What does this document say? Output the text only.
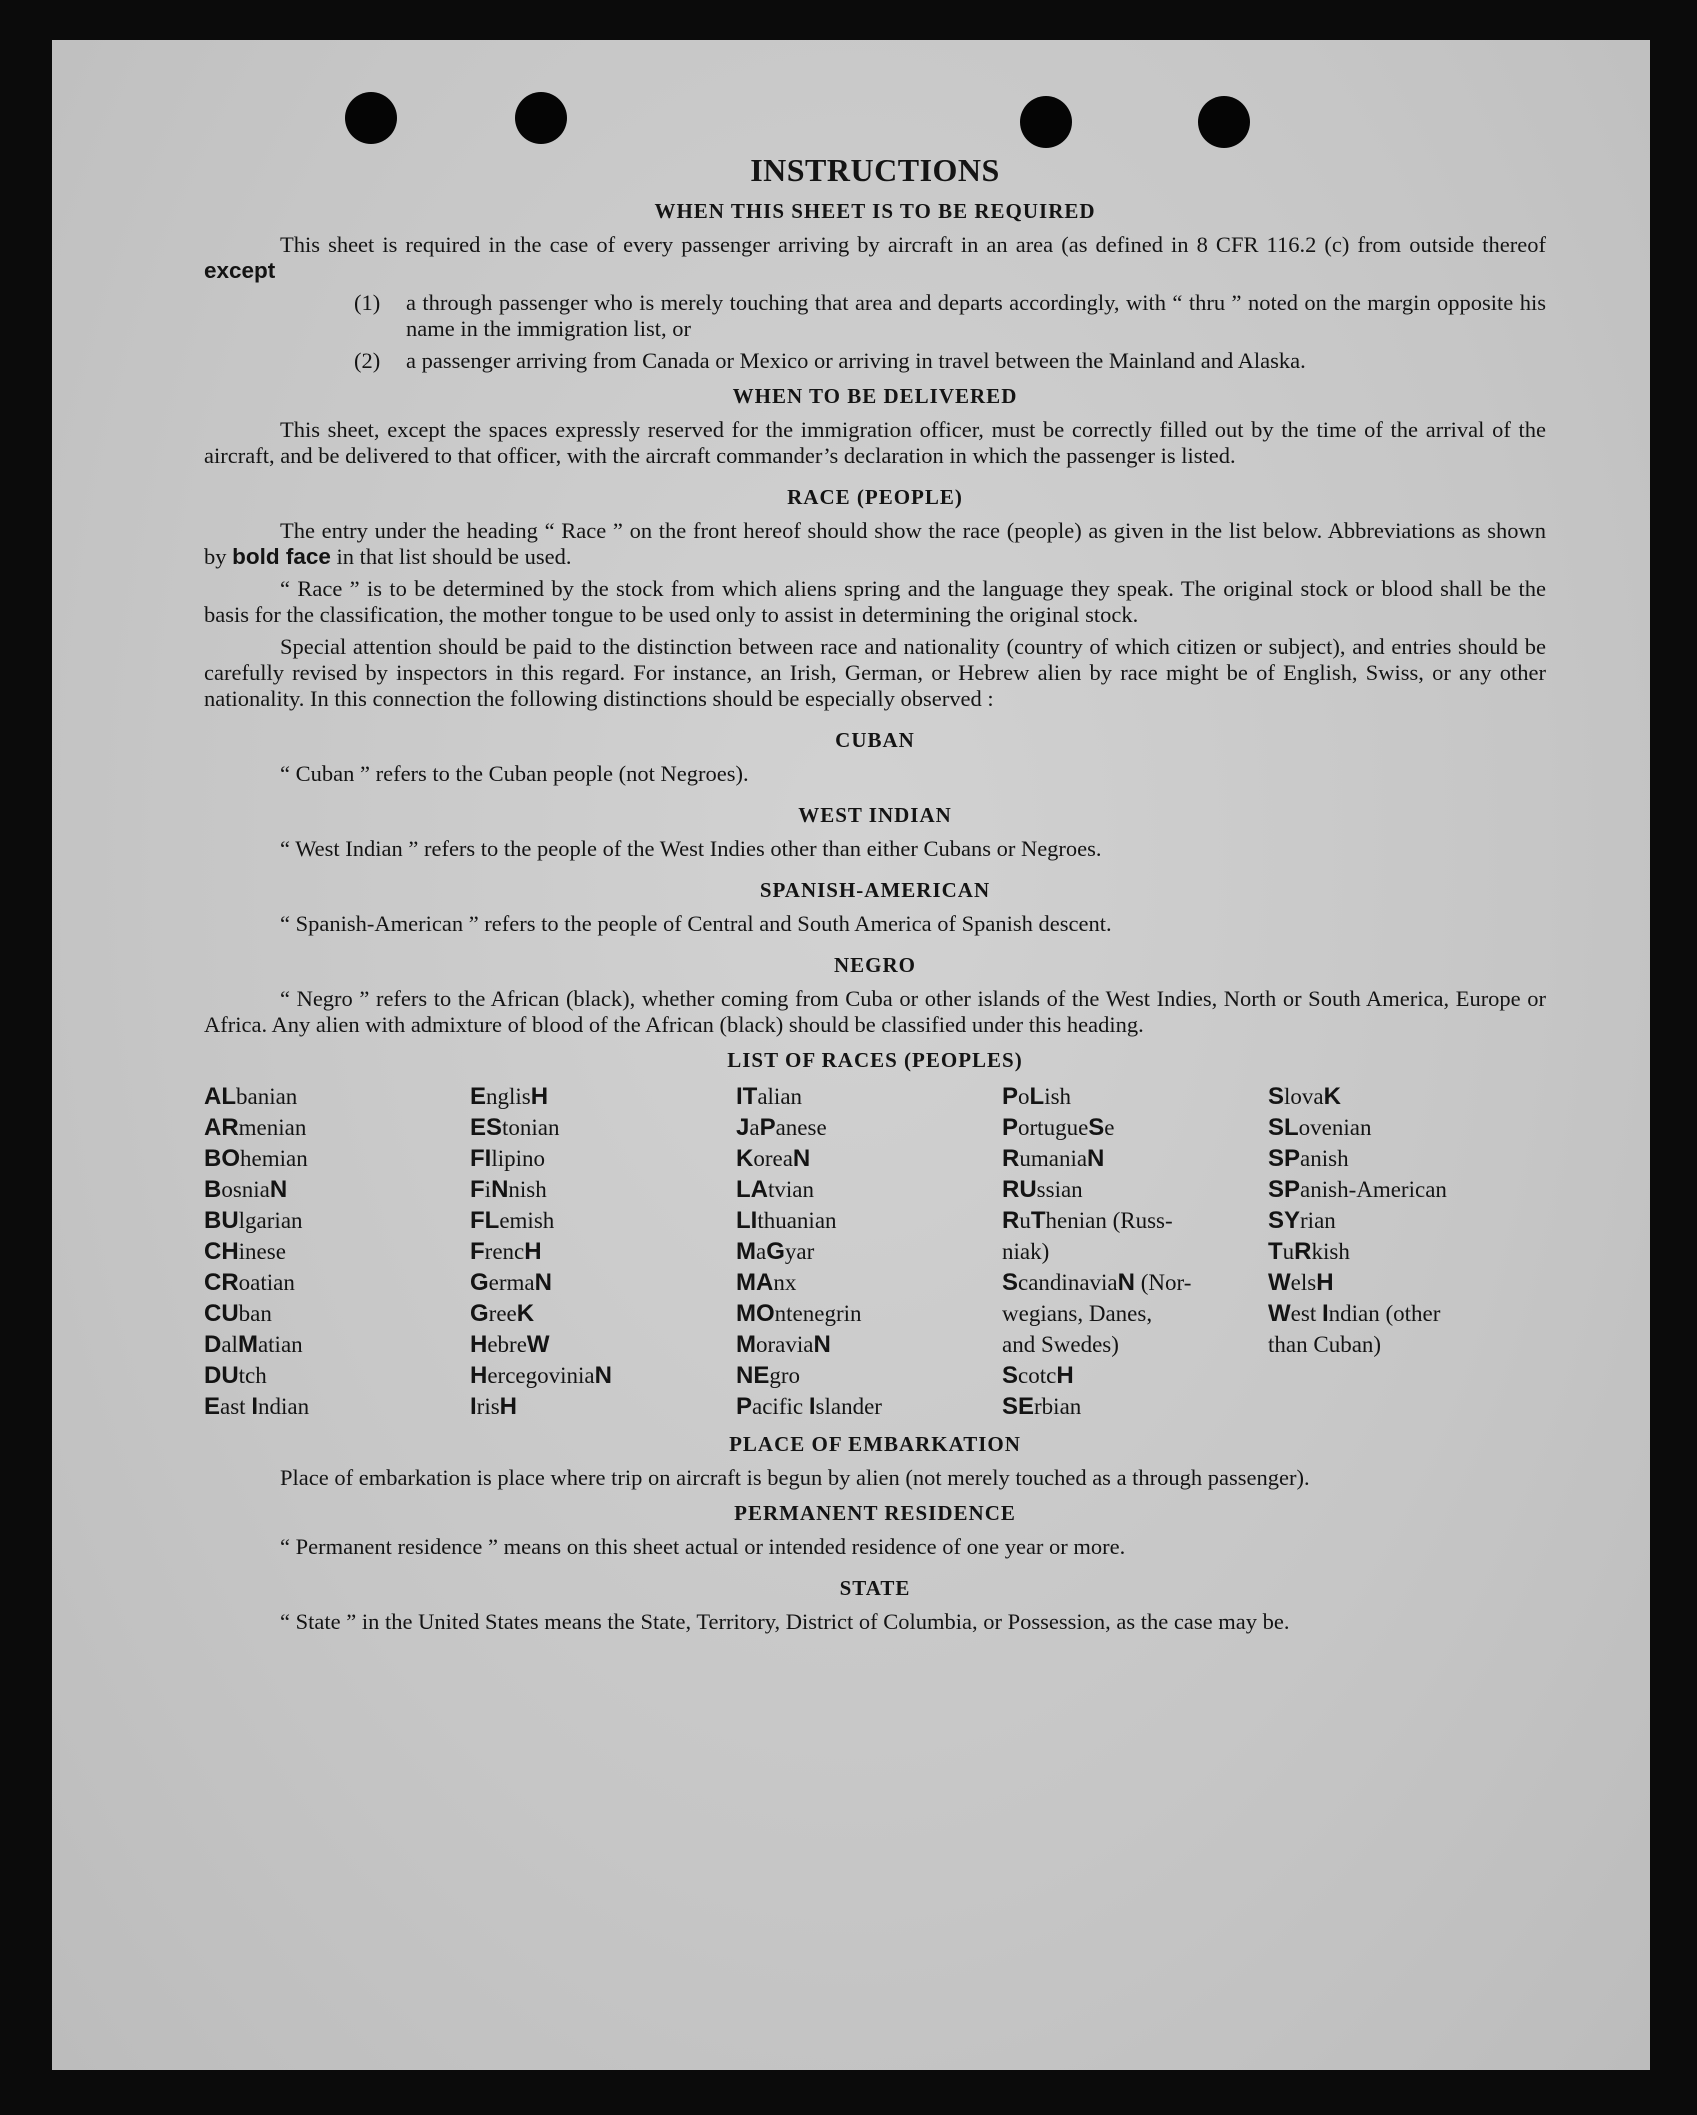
INSTRUCTIONS
WHEN THIS SHEET IS TO BE REQUIRED

This sheet is required in the case of every passenger arriving by aircraft in an area (as defined in 8 CFR 116.2 (c) from outside thereof except

(1)	a through passenger who is merely touching that area and departs accordingly, with “ thru ” noted on the margin opposite his name in the immigration list, or
(2)	a passenger arriving from Canada or Mexico or arriving in travel between the Mainland and Alaska.
WHEN TO BE DELIVERED

This sheet, except the spaces expressly reserved for the immigration officer, must be correctly filled out by the time of the arrival of the aircraft, and be delivered to that officer, with the aircraft commander’s declaration in which the passenger is listed.

RACE (PEOPLE)

The entry under the heading “ Race ” on the front hereof should show the race (people) as given in the list below. Abbreviations as shown by bold face in that list should be used.

“ Race ” is to be determined by the stock from which aliens spring and the language they speak. The original stock or blood shall be the basis for the classification, the mother tongue to be used only to assist in determining the original stock.

Special attention should be paid to the distinction between race and nationality (country of which citizen or subject), and entries should be carefully revised by inspectors in this regard. For instance, an Irish, German, or Hebrew alien by race might be of English, Swiss, or any other nationality. In this connection the following distinctions should be especially observed :

CUBAN

“ Cuban ” refers to the Cuban people (not Negroes).

WEST INDIAN

“ West Indian ” refers to the people of the West Indies other than either Cubans or Negroes.

SPANISH-AMERICAN

“ Spanish-American ” refers to the people of Central and South America of Spanish descent.

NEGRO

“ Negro ” refers to the African (black), whether coming from Cuba or other islands of the West Indies, North or South America, Europe or Africa. Any alien with admixture of blood of the African (black) should be classified under this heading.

LIST OF RACES (PEOPLES)
ALbanian
ARmenian
BOhemian
BosniaN
BUlgarian
CHinese
CRoatian
CUban
DalMatian
DUtch
East Indian
EnglisH
EStonian
FIlipino
FiNnish
FLemish
FrencH
GermaN
GreeK
HebreW
HercegoviniaN
IrisH
ITalian
JaPanese
KoreaN
LAtvian
LIthuanian
MaGyar
MAnx
MOntenegrin
MoraviaN
NEgro
Pacific Islander
PoLish
PortugueSe
RumaniaN
RUssian
RuThenian (Russ-
niak)
ScandinaviaN (Nor-
wegians, Danes,
and Swedes)
ScotcH
SErbian
SlovaK
SLovenian
SPanish
SPanish-American
SYrian
TuRkish
WelsH
West Indian (other
than Cuban)
PLACE OF EMBARKATION

Place of embarkation is place where trip on aircraft is begun by alien (not merely touched as a through passenger).

PERMANENT RESIDENCE

“ Permanent residence ” means on this sheet actual or intended residence of one year or more.

STATE

“ State ” in the United States means the State, Territory, District of Columbia, or Possession, as the case may be.
